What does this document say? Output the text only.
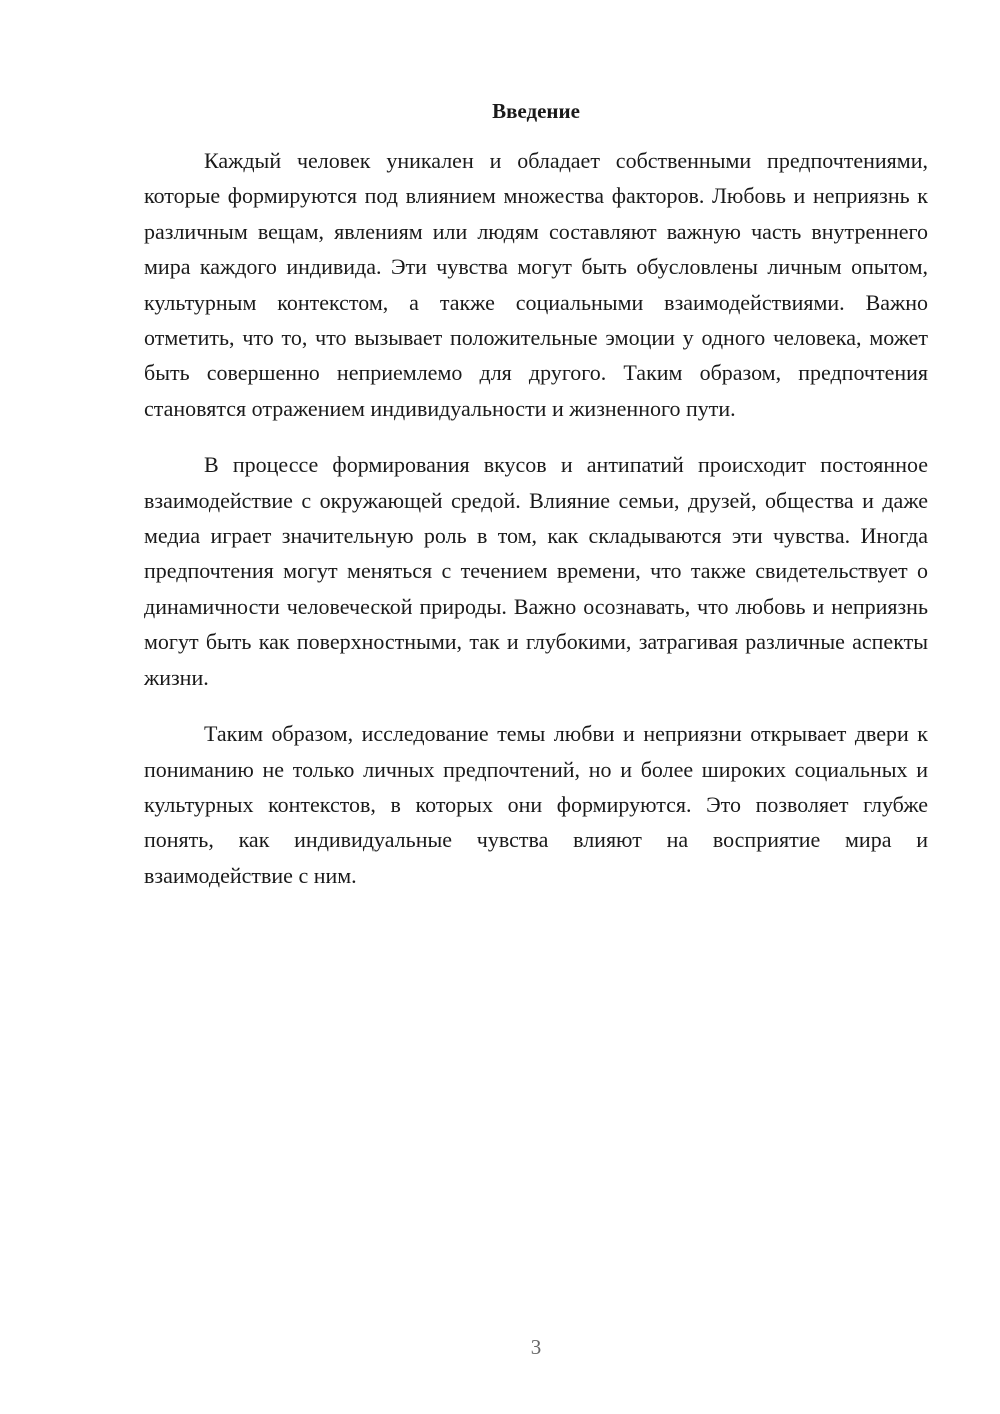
Введение

Каждый человек уникален и обладает собственными предпочтениями, которые формируются под влиянием множества факторов. Любовь и неприязнь к различным вещам, явлениям или людям составляют важную часть внутреннего мира каждого индивида. Эти чувства могут быть обусловлены личным опытом, культурным контекстом, а также социальными взаимодействиями. Важно отметить, что то, что вызывает положительные эмоции у одного человека, может быть совершенно неприемлемо для другого. Таким образом, предпочтения становятся отражением индивидуальности и жизненного пути.

В процессе формирования вкусов и антипатий происходит постоянное взаимодействие с окружающей средой. Влияние семьи, друзей, общества и даже медиа играет значительную роль в том, как складываются эти чувства. Иногда предпочтения могут меняться с течением времени, что также свидетельствует о динамичности человеческой природы. Важно осознавать, что любовь и неприязнь могут быть как поверхностными, так и глубокими, затрагивая различные аспекты жизни.

Таким образом, исследование темы любви и неприязни открывает двери к пониманию не только личных предпочтений, но и более широких социальных и культурных контекстов, в которых они формируются. Это позволяет глубже понять, как индивидуальные чувства влияют на восприятие мира и взаимодействие с ним.

3
